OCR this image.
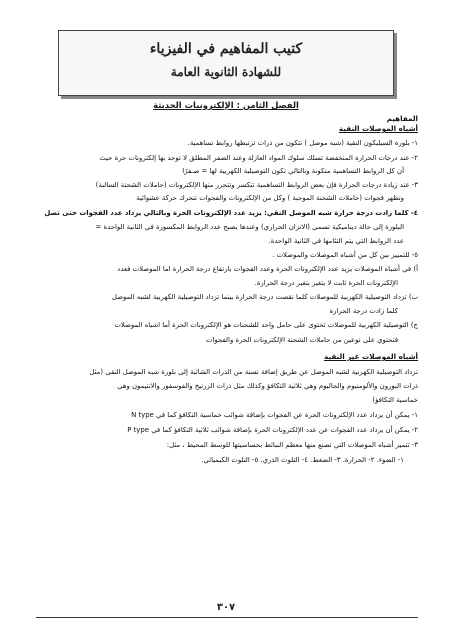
كتيب المفاهيم في الفيزياء
للشهادة الثانوية العامة
الفصل الثامن : الإلكترونيات الحديثة
المفاهيم
أشباه الموصلات النقية
١- بلورة السيليكون النقية (شبه موصل ) تتكون من ذرات ترتبطها روابط تساهمية.
٢- عند درجات الحرارة المنخفضة تسلك سلوك المواد العازلة وعند الصفر المطلق لا توجد بها إلكترونات حرة حيث
أن كل الروابط التساهمية متكونة وبالتالي تكون التوصيلية الكهربية لها = صـفرًا
٣- عند زيادة درجات الحرارة فإن بعض الروابط التساهمية تتكسر وتتحرر منها الإلكترونات (حاملات الشحنة السالبة)
وتظهر فجوات (حاملات الشحنة الموجبة ) وكل من الإلكترونات والفجوات تتحرك حركة عشوائية
٤- كلما زادت درجة حرارة شبه الموصل النقي: يزيد عدد الإلكترونات الحرة وبالتالي يزداد عدد الفجوات حتى تصل
البلورة إلى حالة ديناميكية تسمى (الاتزان الحراري) وعندها يصبح عدد الروابط المكسورة في الثانية الواحدة =
عدد الروابط التي يتم التئامها في الثانية الواحدة.
٥- للتمييز بين كل من أشباه الموصلات والموصلات .
أ) في أشباه الموصلات يزيد عدد الإلكترونات الحرة وعدد الفجوات بارتفاع درجة الحرارة اما الموصلات فعدد
الإلكترونات الحرة ثابت لا يتغير بتغير درجة الحرارة.
ب) تزداد التوصيلية الكهربية للموصلات كلما نقصت درجة الحرارة بينما تزداد التوصيلية الكهربية لشبه الموصل
كلما زادت درجة الحرارة
ج) التوصيلية الكهربية للموصلات تحتوى على حامل واحد للشحنات هو الإلكترونات الحرة أما اشباه الموصلات
فتحتوي على نوعين من حاملات الشحنة الإلكترونات الحرة والفجوات
أشباه الموصلات غير النقية
تزداد التوصيلية الكهربية لشبه الموصل عن طريق إضافة نسبة من الذرات الشائبة إلى بلورة شبه الموصل النقى (مثل
ذرات البورون والألومنيوم والجاليوم وهي ثلاثية التكافؤ وكذلك مثل ذرات الزرنيخ والفوسفور والانتيمون وهى
خماسية التكافؤ)
١- يمكن أن يزداد عدد الإلكترونات الحرة عن الفجوات بإضافة شوائب خماسية التكافؤ كما في N type
٢- يمكن أن يزداد عدد الفجوات عن عدد الإلكترونات الحرة بإضافة شوائب ثلاثية التكافؤ كما في P type
٣- تتميز أشباه الموصلات التي تصنع منها معظم النبائط بحساسيتها للوسط المحيط ، مثل:
١- الضوء. ٢- الحرارة. ٣- الضغط. ٤- التلوث الذري. ٥- التلوث الكيميائي.
٣٠٧
